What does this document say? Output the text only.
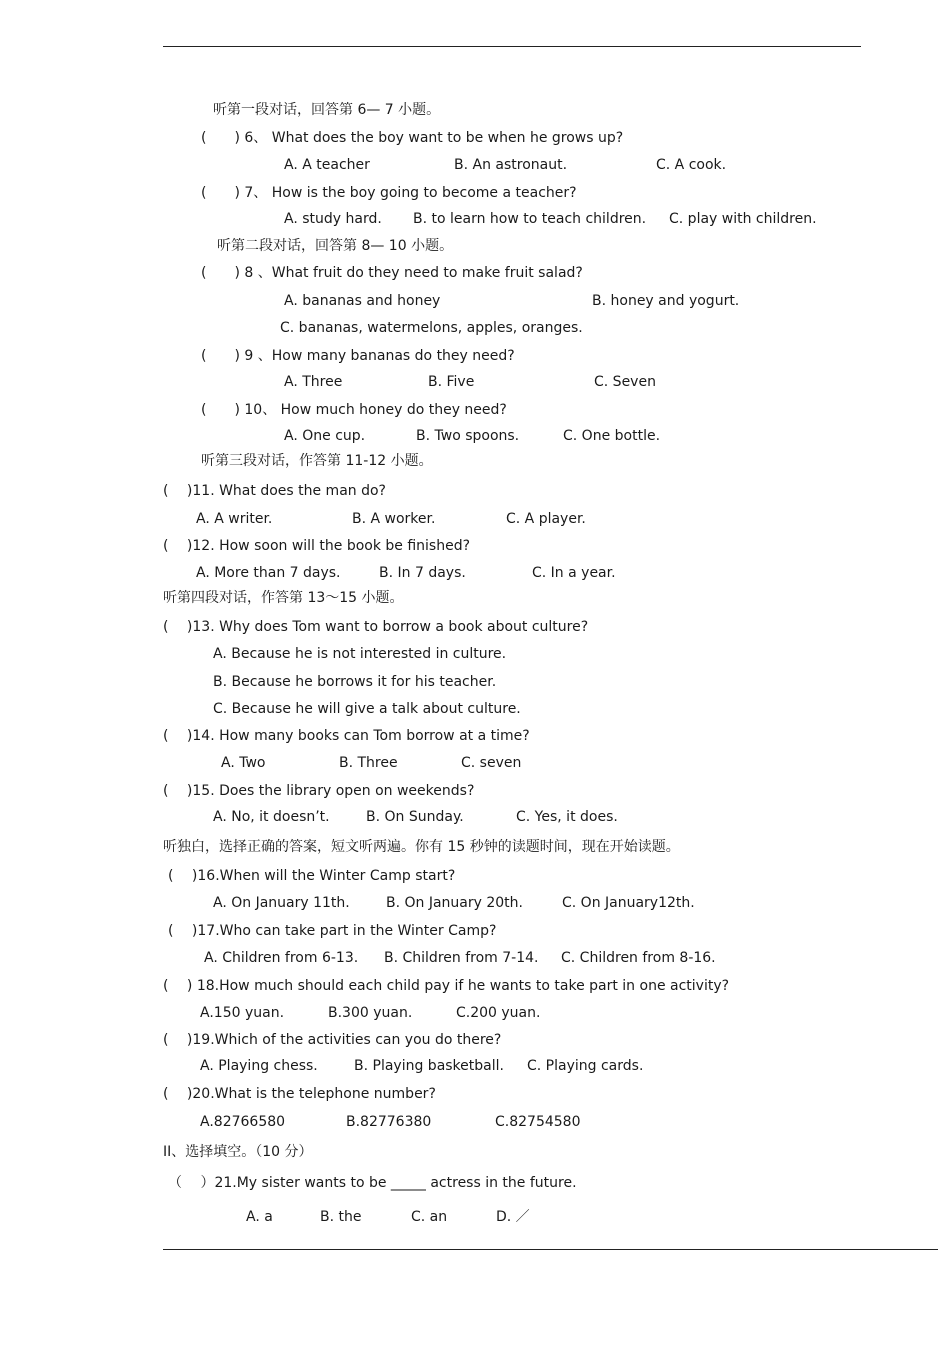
听第一段对话，回答第 6— 7 小题。
(　　) 6、 What does the boy want to be when he grows up?
A. A teacher	B. An astronaut.	C. A cook.
(　　) 7、 How is the boy going to become a teacher?
A. study hard. B. to learn how to teach children. C. play with children.
听第二段对话，回答第 8— 10 小题。
(　　) 8 、What fruit do they need to make fruit salad?
A. bananas and honey	B. honey and yogurt.
C. bananas, watermelons, apples, oranges.
(　　) 9 、How many bananas do they need?
A. Three	B. Five	C. Seven
(　　) 10、 How much honey do they need?
A. One cup.	B. Two spoons.	C. One bottle.
听第三段对话，作答第 11-12 小题。
(　 )11. What does the man do?
A. A writer.	B. A worker.	C. A player.
(　 )12. How soon will the book be finished?
A. More than 7 days.	B. In 7 days.	C. In a year.
听第四段对话，作答第 13～15 小题。
(　 )13. Why does Tom want to borrow a book about culture?
A. Because he is not interested in culture.
B. Because he borrows it for his teacher.
C. Because he will give a talk about culture.
(　 )14. How many books can Tom borrow at a time?
A. Two	B. Three	C. seven
(　 )15. Does the library open on weekends?
A. No, it doesn’t.	B. On Sunday.	C. Yes, it does.
听独白，选择正确的答案，短文听两遍。你有 15 秒钟的读题时间，现在开始读题。
(　 )16.When will the Winter Camp start?
A. On January 11th.	B. On January 20th.	C. On January12th.
(　 )17.Who can take part in the Winter Camp?
A. Children from 6-13. B. Children from 7-14. C. Children from 8-16.
(　 ) 18.How much should each child pay if he wants to take part in one activity?
A.150 yuan.	B.300 yuan.	C.200 yuan.
(　 )19.Which of the activities can you do there?
A. Playing chess.	B. Playing basketball. C. Playing cards.
(　 )20.What is the telephone number?
A.82766580	B.82776380	C.82754580
II、选择填空。（10 分）
（　 ）21.My sister wants to be _____ actress in the future.
A. a	B. the	C. an	D. ／
